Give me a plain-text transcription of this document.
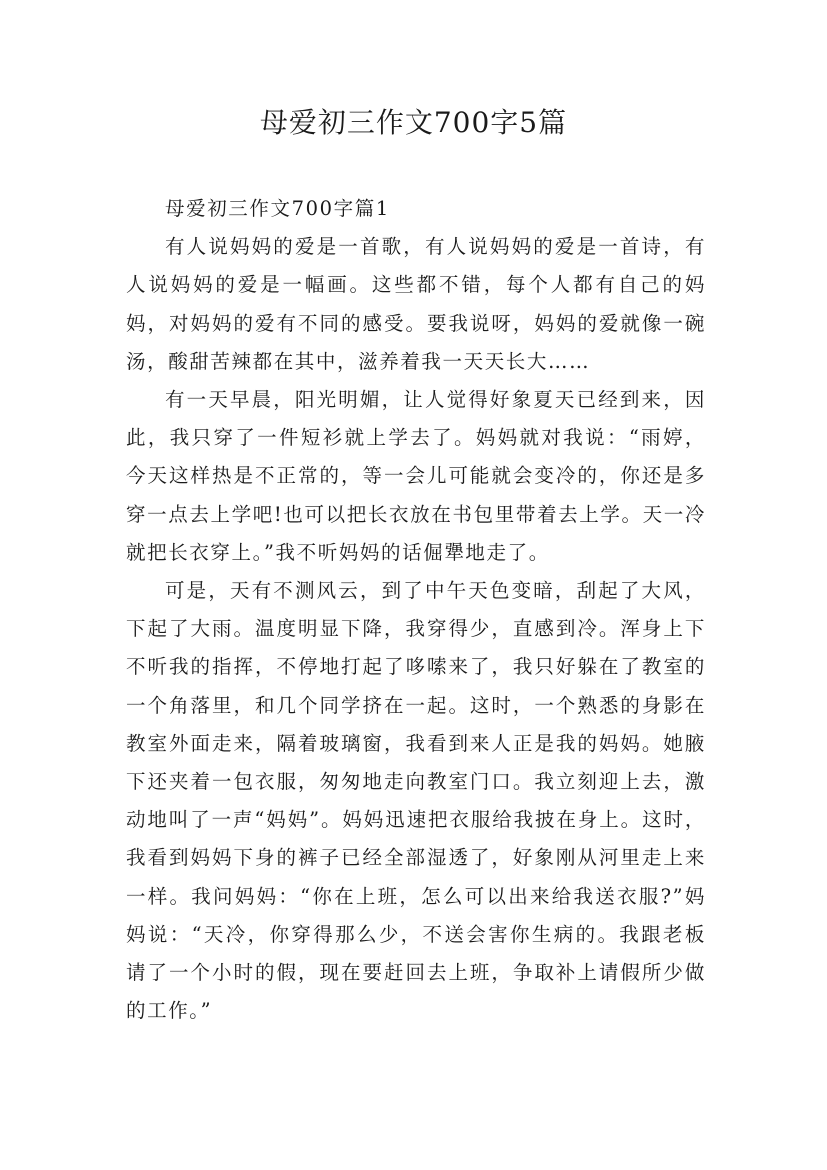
母爱初三作文700字5篇
母爱初三作文700字篇1

有人说妈妈的爱是一首歌，有人说妈妈的爱是一首诗，有人说妈妈的爱是一幅画。这些都不错，每个人都有自己的妈妈，对妈妈的爱有不同的感受。要我说呀，妈妈的爱就像一碗汤，酸甜苦辣都在其中，滋养着我一天天长大……

有一天早晨，阳光明媚，让人觉得好象夏天已经到来，因此，我只穿了一件短衫就上学去了。妈妈就对我说：“雨婷，今天这样热是不正常的，等一会儿可能就会变冷的，你还是多穿一点去上学吧!也可以把长衣放在书包里带着去上学。天一冷就把长衣穿上。”我不听妈妈的话倔犟地走了。

可是，天有不测风云，到了中午天色变暗，刮起了大风，下起了大雨。温度明显下降，我穿得少，直感到冷。浑身上下不听我的指挥，不停地打起了哆嗦来了，我只好躲在了教室的一个角落里，和几个同学挤在一起。这时，一个熟悉的身影在教室外面走来，隔着玻璃窗，我看到来人正是我的妈妈。她腋下还夹着一包衣服，匆匆地走向教室门口。我立刻迎上去，激动地叫了一声“妈妈”。妈妈迅速把衣服给我披在身上。这时，我看到妈妈下身的裤子已经全部湿透了，好象刚从河里走上来一样。我问妈妈：“你在上班，怎么可以出来给我送衣服?”妈妈说：“天冷，你穿得那么少，不送会害你生病的。我跟老板请了一个小时的假，现在要赶回去上班，争取补上请假所少做的工作。”
